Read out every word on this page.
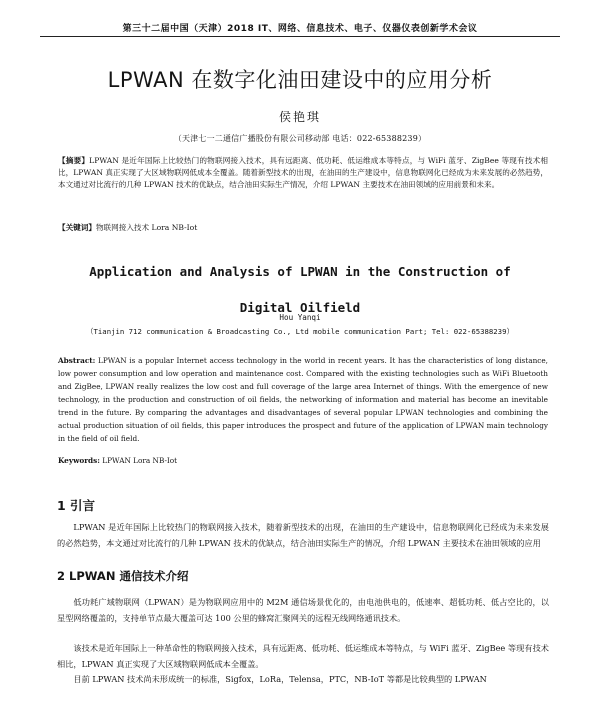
第三十二届中国（天津）2018 IT、网络、信息技术、电子、仪器仪表创新学术会议
LPWAN 在数字化油田建设中的应用分析
侯艳琪
（天津七一二通信广播股份有限公司移动部 电话：022-65388239）

【摘要】LPWAN 是近年国际上比较热门的物联网接入技术，具有远距离、低功耗、低运维成本等特点，与 WiFi 蓝牙、ZigBee 等现有技术相比，LPWAN 真正实现了大区域物联网低成本全覆盖。随着新型技术的出现，在油田的生产建设中，信息物联网化已经成为未来发展的必然趋势，本文通过对比流行的几种 LPWAN 技术的优缺点，结合油田实际生产情况，介绍 LPWAN 主要技术在油田领域的应用前景和未来。

【关键词】物联网接入技术 Lora NB-Iot
Application and Analysis of LPWAN in the Construction of
Digital Oilfield
Hou Yanqi
（Tianjin 712 communication & Broadcasting Co., Ltd mobile communication Part; Tel: 022-65388239）

Abstract: LPWAN is a popular Internet access technology in the world in recent years. It has the characteristics of long distance, low power consumption and low operation and maintenance cost. Compared with the existing technologies such as WiFi Bluetooth and ZigBee, LPWAN really realizes the low cost and full coverage of the large area Internet of things. With the emergence of new technology, in the production and construction of oil fields, the networking of information and material has become an inevitable trend in the future. By comparing the advantages and disadvantages of several popular LPWAN technologies and combining the actual production situation of oil fields, this paper introduces the prospect and future of the application of LPWAN main technology in the field of oil field.

Keywords: LPWAN Lora NB-Iot
1 引言

LPWAN 是近年国际上比较热门的物联网接入技术，随着新型技术的出现，在油田的生产建设中，信息物联网化已经成为未来发展的必然趋势，本文通过对比流行的几种 LPWAN 技术的优缺点，结合油田实际生产的情况，介绍 LPWAN 主要技术在油田领域的应用

2 LPWAN 通信技术介绍

低功耗广域物联网（LPWAN）是为物联网应用中的 M2M 通信场景优化的，由电池供电的，低速率、超低功耗、低占空比的，以星型网络覆盖的，支持单节点最大覆盖可达 100 公里的蜂窝汇聚网关的远程无线网络通讯技术。

该技术是近年国际上一种革命性的物联网接入技术，具有远距离、低功耗、低运维成本等特点，与 WiFi 蓝牙、ZigBee 等现有技术相比，LPWAN 真正实现了大区域物联网低成本全覆盖。

目前 LPWAN 技术尚未形成统一的标准，Sigfox，LoRa，Telensa，PTC，NB-IoT 等都是比较典型的 LPWAN
